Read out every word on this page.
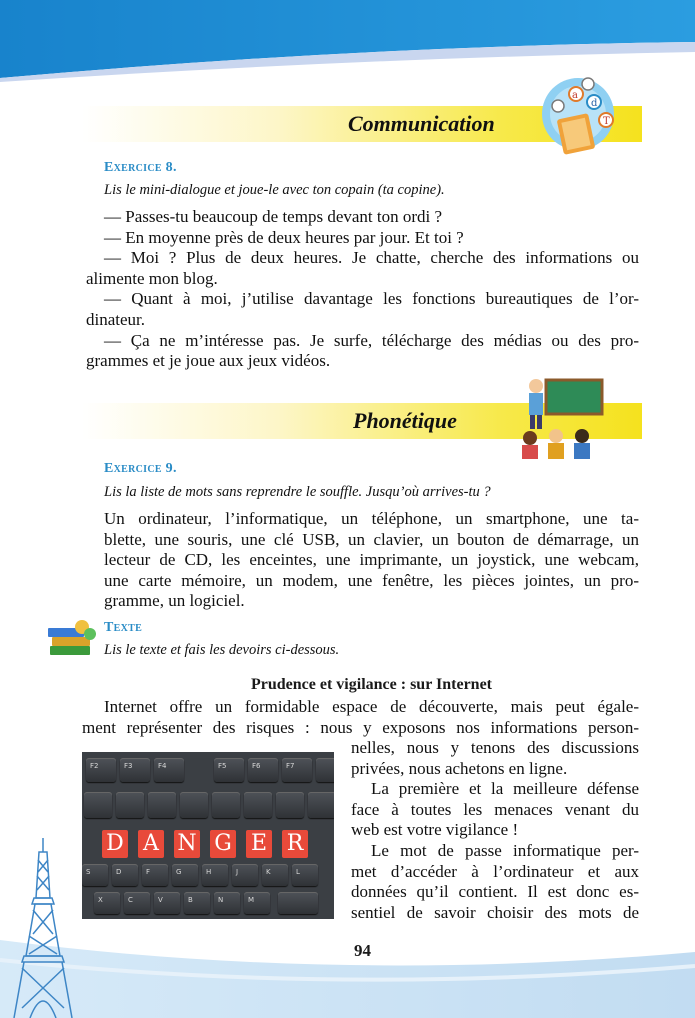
Communication
a
d
T
Exercice 8.
Lis le mini-dialogue et joue-le avec ton copain (ta copine).
— Passes-tu beaucoup de temps devant ton ordi ?
— En moyenne près de deux heures par jour. Et toi ?
— Moi ? Plus de deux heures. Je chatte, cherche des informations ou
alimente mon blog.
— Quant à moi, j’utilise davantage les fonctions bureautiques de l’or-
dinateur.
— Ça ne m’intéresse pas. Je surfe, télécharge des médias ou des pro-
grammes et je joue aux jeux vidéos.
Phonétique
Exercice 9.
Lis la liste de mots sans reprendre le souffle. Jusqu’où arrives-tu ?
Un ordinateur, l’informatique, un téléphone, un smartphone, une ta-
blette, une souris, une clé USB, un clavier, un bouton de démarrage, un
lecteur de CD, les enceintes, une imprimante, un joystick, une webcam,
une carte mémoire, un modem, une fenêtre, les pièces jointes, un pro-
gramme, un logiciel.
Texte
Lis le texte et fais les devoirs ci-dessous.
Prudence et vigilance : sur Internet
Internet offre un formidable espace de découverte, mais peut égale-
ment représenter des risques : nous y exposons nos informations person-
nelles, nous y tenons des discussions
privées, nous achetons en ligne.
La première et la meilleure défense
face à toutes les menaces venant du
web est votre vigilance !
Le mot de passe informatique per-
met d’accéder à l’ordinateur et aux
données qu’il contient. Il est donc es-
sentiel de savoir choisir des mots de
F2	F3	F4	F5	F6	F7
D A N G E R
S	D	F	G	H	J	K	L
X	C	V	B	N	M
94
